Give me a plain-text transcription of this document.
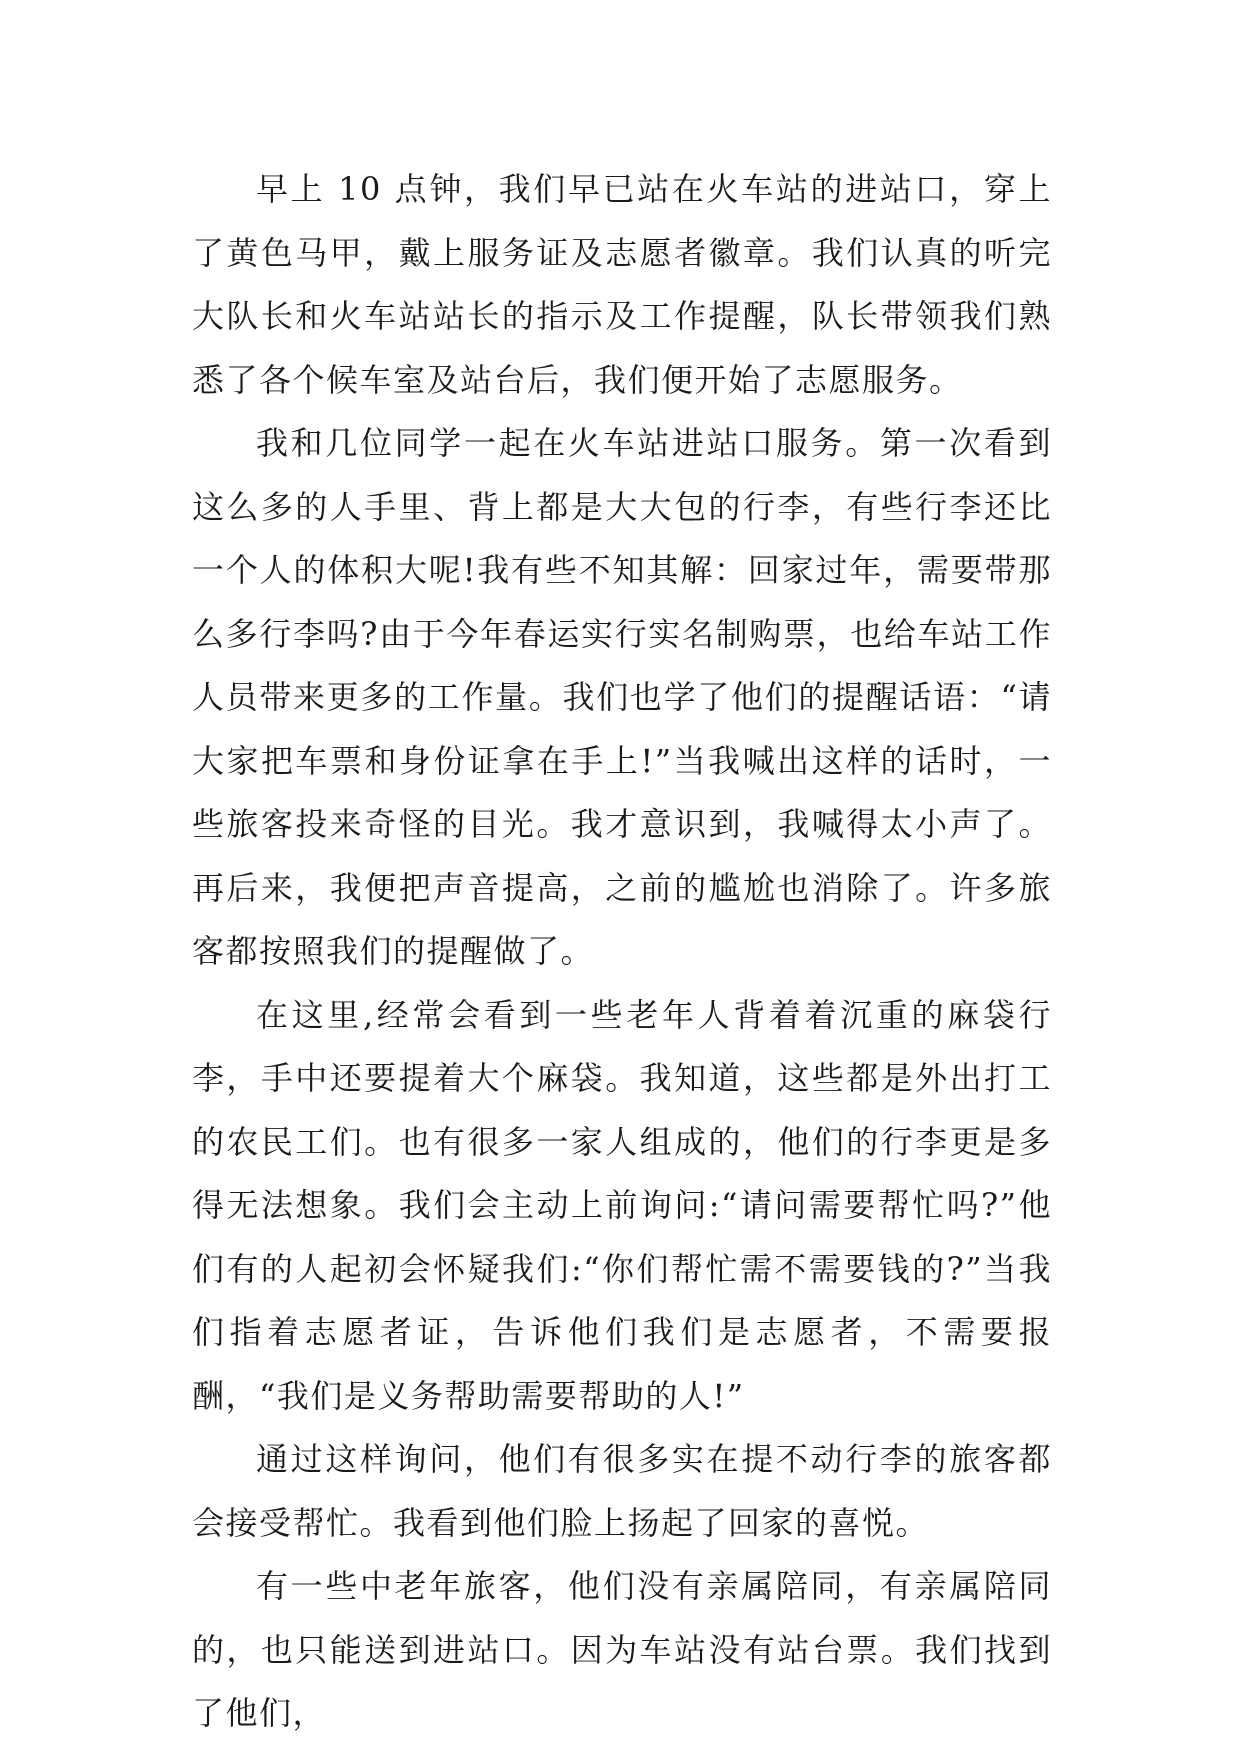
早上 10 点钟，我们早已站在火车站的进站口，穿上了黄色马甲，戴上服务证及志愿者徽章。我们认真的听完大队长和火车站站长的指示及工作提醒，队长带领我们熟悉了各个候车室及站台后，我们便开始了志愿服务。

我和几位同学一起在火车站进站口服务。第一次看到这么多的人手里、背上都是大大包的行李，有些行李还比一个人的体积大呢!我有些不知其解：回家过年，需要带那么多行李吗?由于今年春运实行实名制购票，也给车站工作人员带来更多的工作量。我们也学了他们的提醒话语：“请大家把车票和身份证拿在手上!”当我喊出这样的话时，一些旅客投来奇怪的目光。我才意识到，我喊得太小声了。再后来，我便把声音提高，之前的尴尬也消除了。许多旅客都按照我们的提醒做了。

在这里,经常会看到一些老年人背着着沉重的麻袋行李，手中还要提着大个麻袋。我知道，这些都是外出打工的农民工们。也有很多一家人组成的，他们的行李更是多得无法想象。我们会主动上前询问:“请问需要帮忙吗?”他们有的人起初会怀疑我们:“你们帮忙需不需要钱的?”当我们指着志愿者证，告诉他们我们是志愿者，不需要报酬，“我们是义务帮助需要帮助的人!”

通过这样询问，他们有很多实在提不动行李的旅客都会接受帮忙。我看到他们脸上扬起了回家的喜悦。

有一些中老年旅客，他们没有亲属陪同，有亲属陪同的，也只能送到进站口。因为车站没有站台票。我们找到了他们，
